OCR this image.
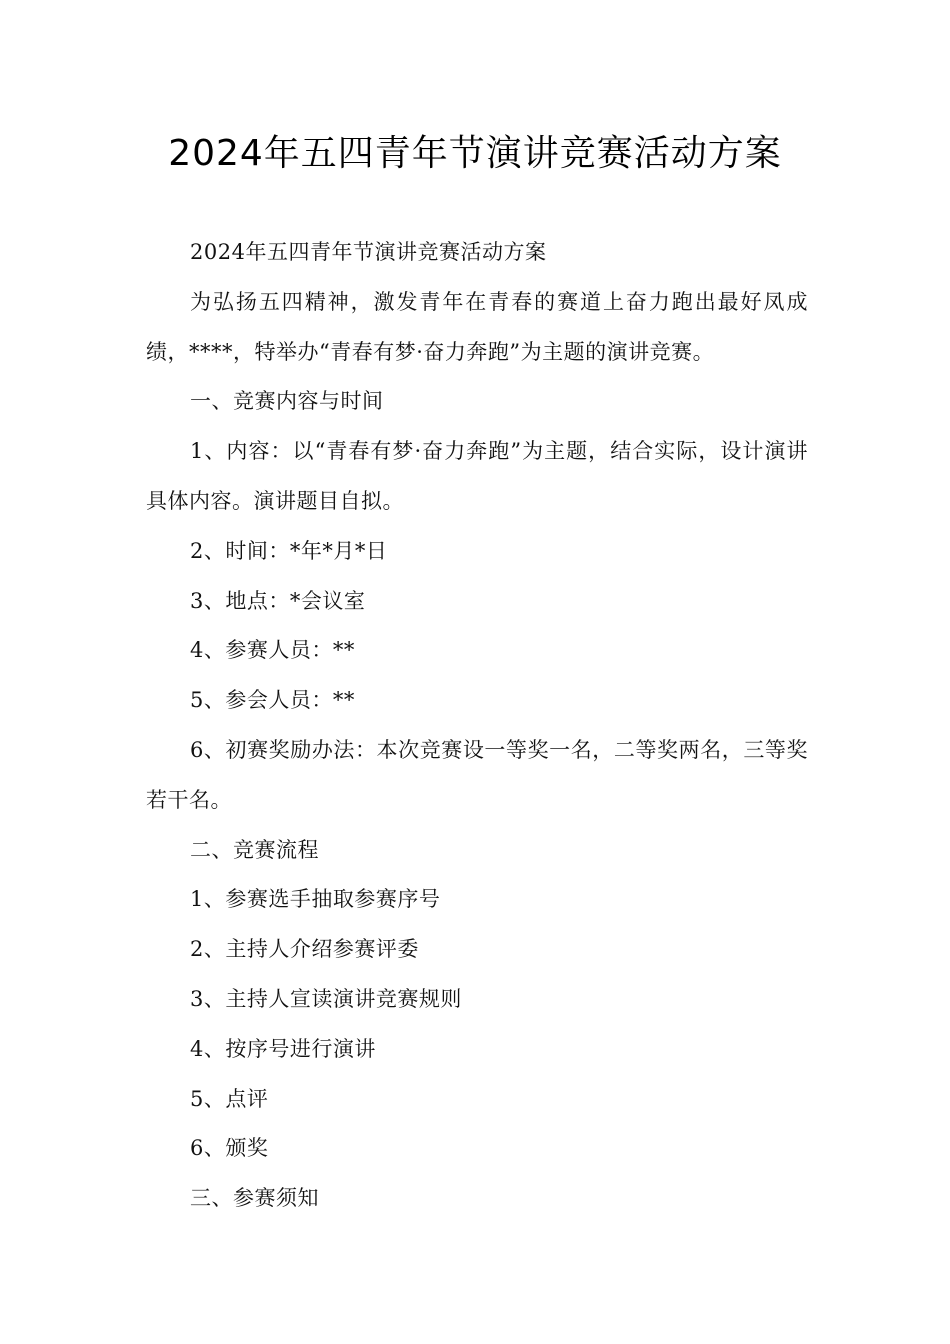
2024年五四青年节演讲竞赛活动方案

2024年五四青年节演讲竞赛活动方案

为弘扬五四精神，激发青年在青春的赛道上奋力跑出最好凤成绩，****，特举办“青春有梦·奋力奔跑”为主题的演讲竞赛。

一、竞赛内容与时间

1、内容：以“青春有梦·奋力奔跑”为主题，结合实际，设计演讲具体内容。演讲题目自拟。

2、时间：*年*月*日

3、地点：*会议室

4、参赛人员：**

5、参会人员：**

6、初赛奖励办法：本次竞赛设一等奖一名，二等奖两名，三等奖若干名。

二、竞赛流程

1、参赛选手抽取参赛序号

2、主持人介绍参赛评委

3、主持人宣读演讲竞赛规则

4、按序号进行演讲

5、点评

6、颁奖

三、参赛须知
